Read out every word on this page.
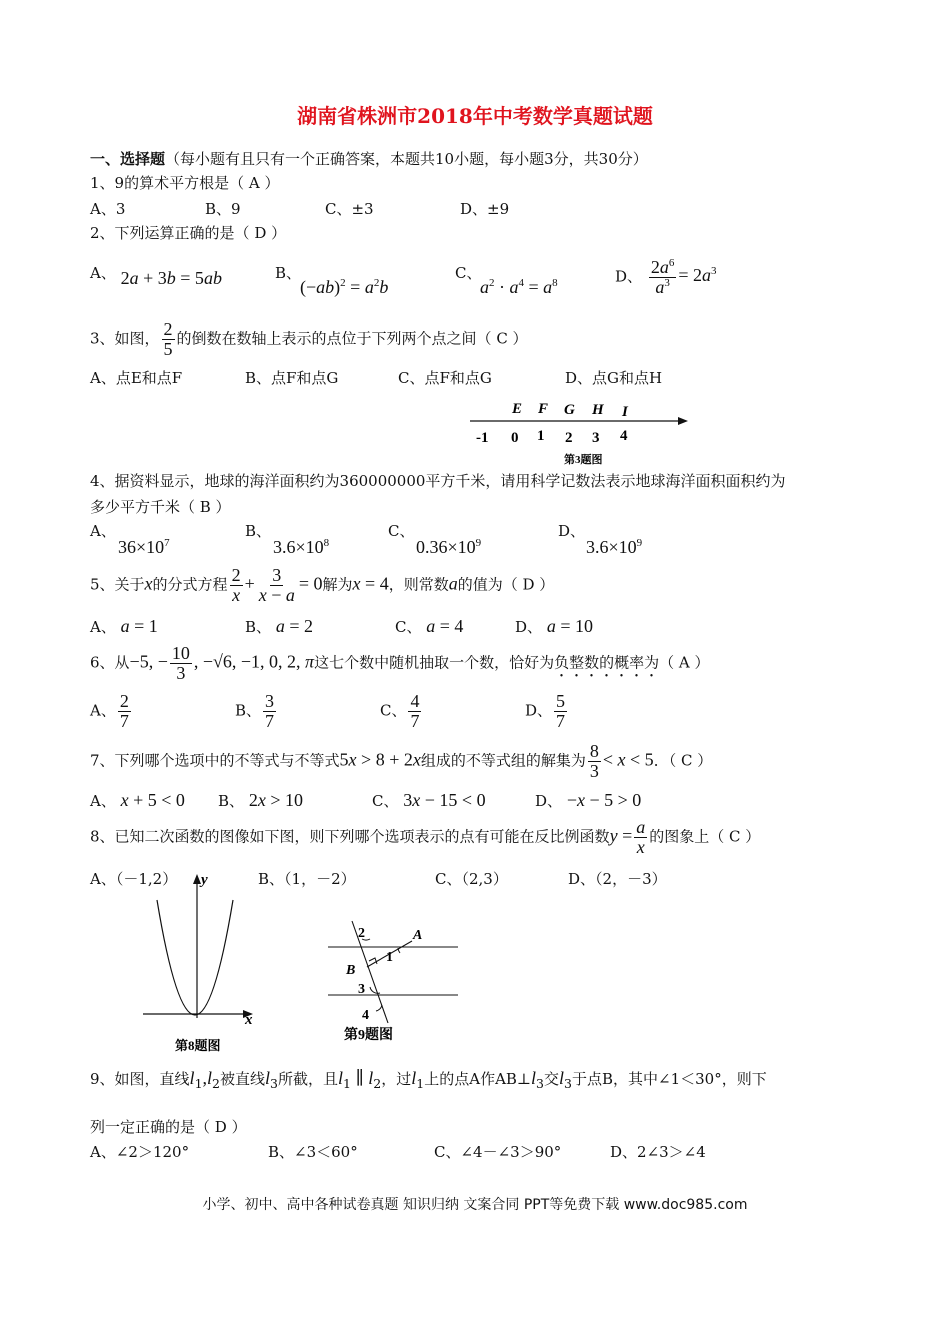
湖南省株洲市2018年中考数学真题试题
一、选择题（每小题有且只有一个正确答案，本题共10小题，每小题3分，共30分）
1、9的算术平方根是（ A ）
A、3	B、9	C、±3	D、±9
2、下列运算正确的是（ D ）
A、 2a + 3b = 5ab	B、
$(-ab)^2 = a^2b$
C、
$a^2 \cdot a^4 = a^8$	D、 $\frac{2a^6}{a^3} = 2a^3$
3、如图， $\frac{2}{5}$ 的倒数在数轴上表示的点位于下列两个点之间（ C ）
A、点E和点F	B、点F和点G	C、点F和点G	D、点G和点H
E F G H I
-1 0 1 2 3 4
第3题图
4、据资料显示，地球的海洋面积约为360000000平方千米，请用科学记数法表示地球海洋面积面积约为
多少平方千米（ B ）
A、
$36\times 10^7$
B、
$3.6\times 10^8$
C、
$0.36\times 10^9$
D、
$3.6\times 10^9$
5、关于x的分式方程 $\frac{2}{x} + \frac{3}{x - a} = 0$解为x = 4，则常数a的值为（ D ）
A、 a = 1	B、 a = 2	C、 a = 4	D、 a = 10
6、从−5, − $\frac{10}{3}$ , −√6, −1, 0, 2, π这七个数中随机抽取一个数，恰好为负整数的概率为（ A ）
A、 $\frac{2}{7}$	B、 $\frac{3}{7}$	C、 $\frac{4}{7}$	D、 $\frac{5}{7}$
7、下列哪个选项中的不等式与不等式5x > 8 + 2x组成的不等式组的解集为 $\frac{8}{3} < x < 5$．（ C ）
A、 x + 5 < 0 B、 2x > 10	C、 3x − 15 < 0	D、 −x − 5 > 0
8、已知二次函数的图像如下图，则下列哪个选项表示的点有可能在反比例函数$y = \frac{a}{x}$ 的图象上（ C ）
A、（－1,2）	B、（1，－2）	C、（2,3）	D、（2，－3）
y
x
第8题图
2	A
1
B
3
4
第9题图
9、如图，直线$l_1,l_2$被直线$l_3$所截，且$l_1$ ∥ $l_2$，过$l_1$上的点A作$AB\perp l_3$交$l_3$于点B，其中∠1＜30°，则下
列一定正确的是（ D ）
A、∠2＞120°	B、∠3＜60°	C、∠4－∠3＞90°	D、2∠3＞∠4
小学、初中、高中各种试卷真题 知识归纳 文案合同 PPT等免费下载 www.doc985.com
